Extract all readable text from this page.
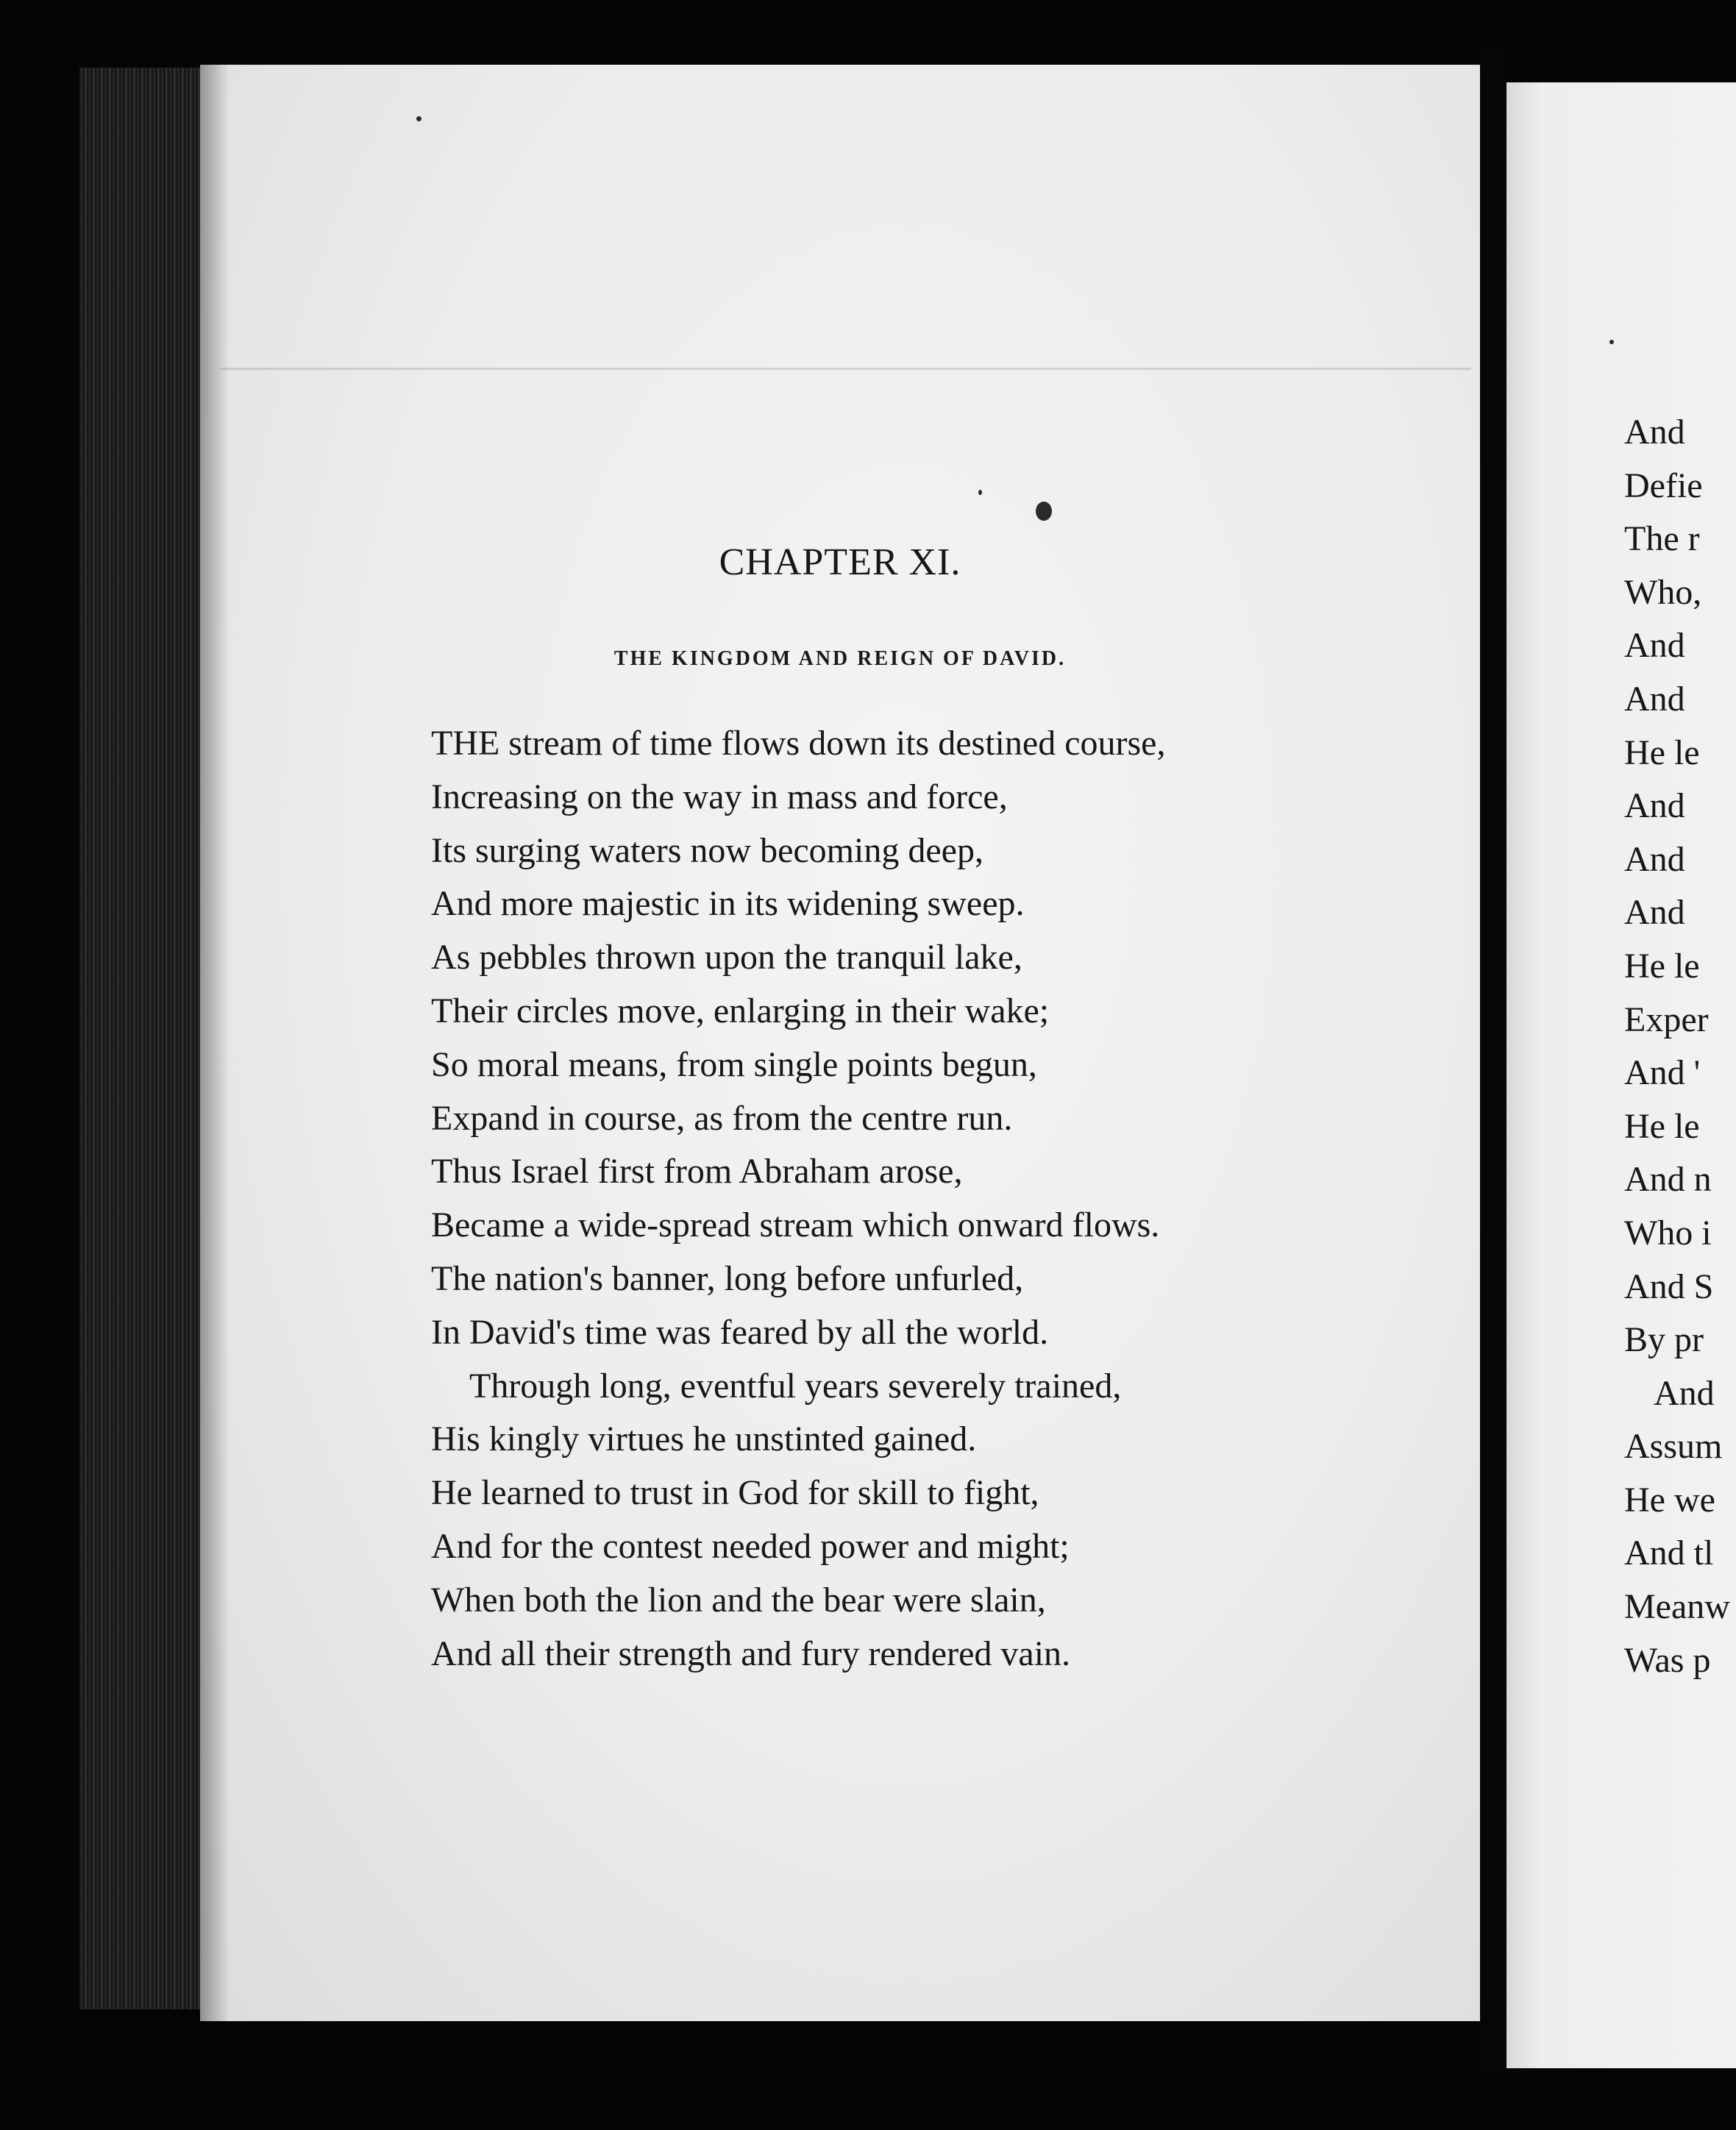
CHAPTER XI.
THE KINGDOM AND REIGN OF DAVID.
THE stream of time flows down its destined course,
Increasing on the way in mass and force,
Its surging waters now becoming deep,
And more majestic in its widening sweep.
As pebbles thrown upon the tranquil lake,
Their circles move, enlarging in their wake;
So moral means, from single points begun,
Expand in course, as from the centre run.
Thus Israel first from Abraham arose,
Became a wide-spread stream which onward flows.
The nation's banner, long before unfurled,
In David's time was feared by all the world.
Through long, eventful years severely trained,
His kingly virtues he unstinted gained.
He learned to trust in God for skill to fight,
And for the contest needed power and might;
When both the lion and the bear were slain,
And all their strength and fury rendered vain.
And
Defie
The r
Who,
And
And
He le
And
And
And
He le
Exper
And '
He le
And n
Who i
And S
By pr
And
Assum
He we
And tl
Meanw
Was p
